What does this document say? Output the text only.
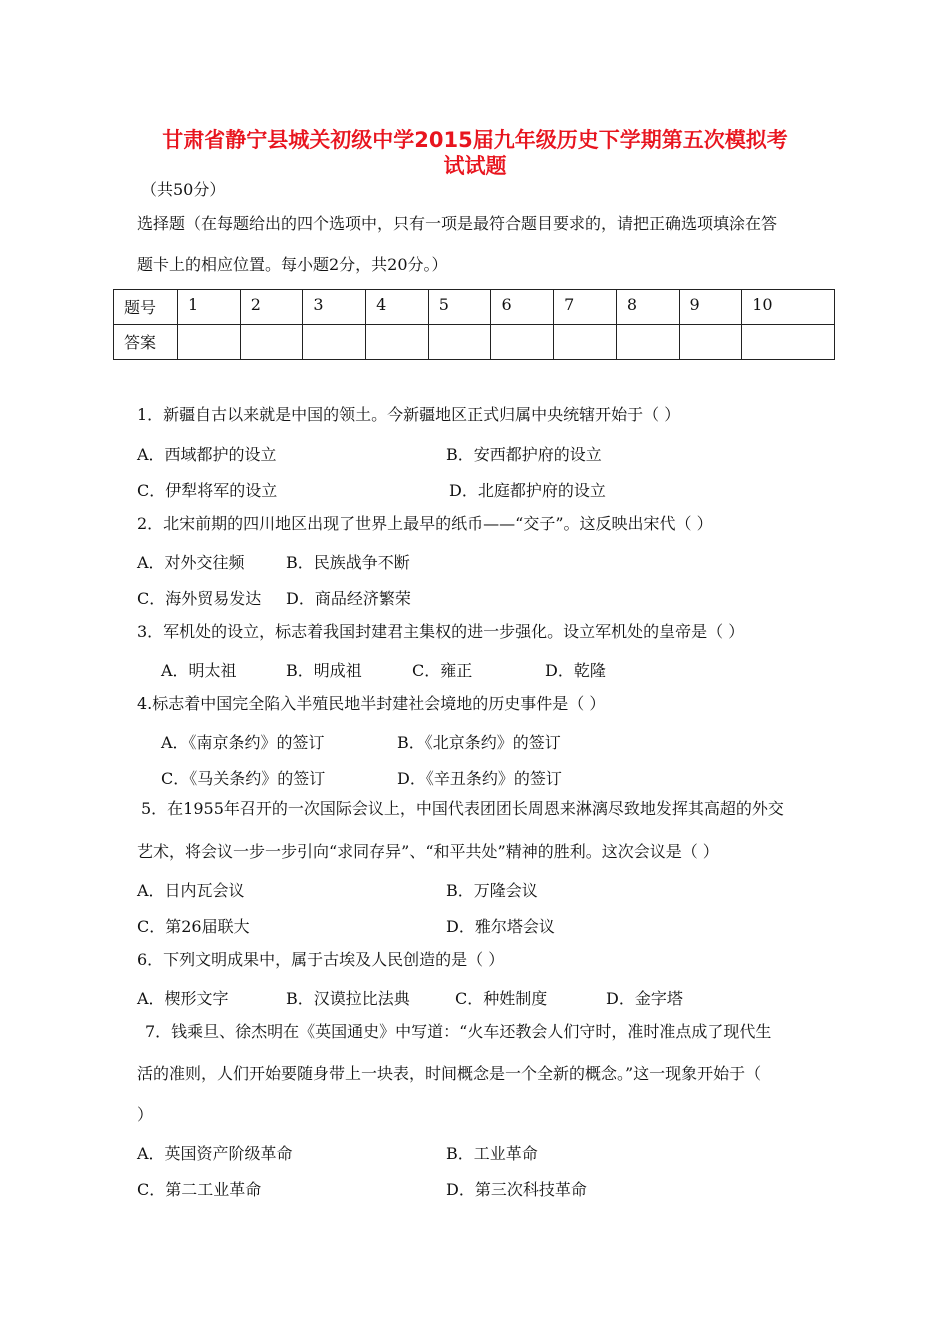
甘肃省静宁县城关初级中学2015届九年级历史下学期第五次模拟考
试试题
（共50分）
选择题（在每题给出的四个选项中，只有一项是最符合题目要求的，请把正确选项填涂在答
题卡上的相应位置。每小题2分，共20分。）
题号	1	2	3	4	5	6	7	8	9	10
答案										
1．新疆自古以来就是中国的领土。今新疆地区正式归属中央统辖开始于（ ）
A．西域都护的设立	B．安西都护府的设立
C．伊犁将军的设立	D．北庭都护府的设立
2．北宋前期的四川地区出现了世界上最早的纸币——“交子”。这反映出宋代（ ）
A．对外交往频	B．民族战争不断
C．海外贸易发达 D．商品经济繁荣
3．军机处的设立，标志着我国封建君主集权的进一步强化。设立军机处的皇帝是（ ）
A．明太祖	B．明成祖	C．雍正	D．乾隆
4.标志着中国完全陷入半殖民地半封建社会境地的历史事件是（ ）
A．《南京条约》的签订	B．《北京条约》的签订
C．《马关条约》的签订	D．《辛丑条约》的签订
5．在1955年召开的一次国际会议上，中国代表团团长周恩来淋漓尽致地发挥其高超的外交
艺术，将会议一步一步引向“求同存异”、“和平共处”精神的胜利。这次会议是（ ）
A．日内瓦会议	B．万隆会议
C．第26届联大	D．雅尔塔会议
6．下列文明成果中，属于古埃及人民创造的是（ ）
A．楔形文字	B．汉谟拉比法典	C．种姓制度	D．金字塔
7．钱乘旦、徐杰明在《英国通史》中写道：“火车还教会人们守时，准时准点成了现代生
活的准则，人们开始要随身带上一块表，时间概念是一个全新的概念。”这一现象开始于（
）
A．英国资产阶级革命	B．工业革命
C．第二工业革命	D．第三次科技革命
